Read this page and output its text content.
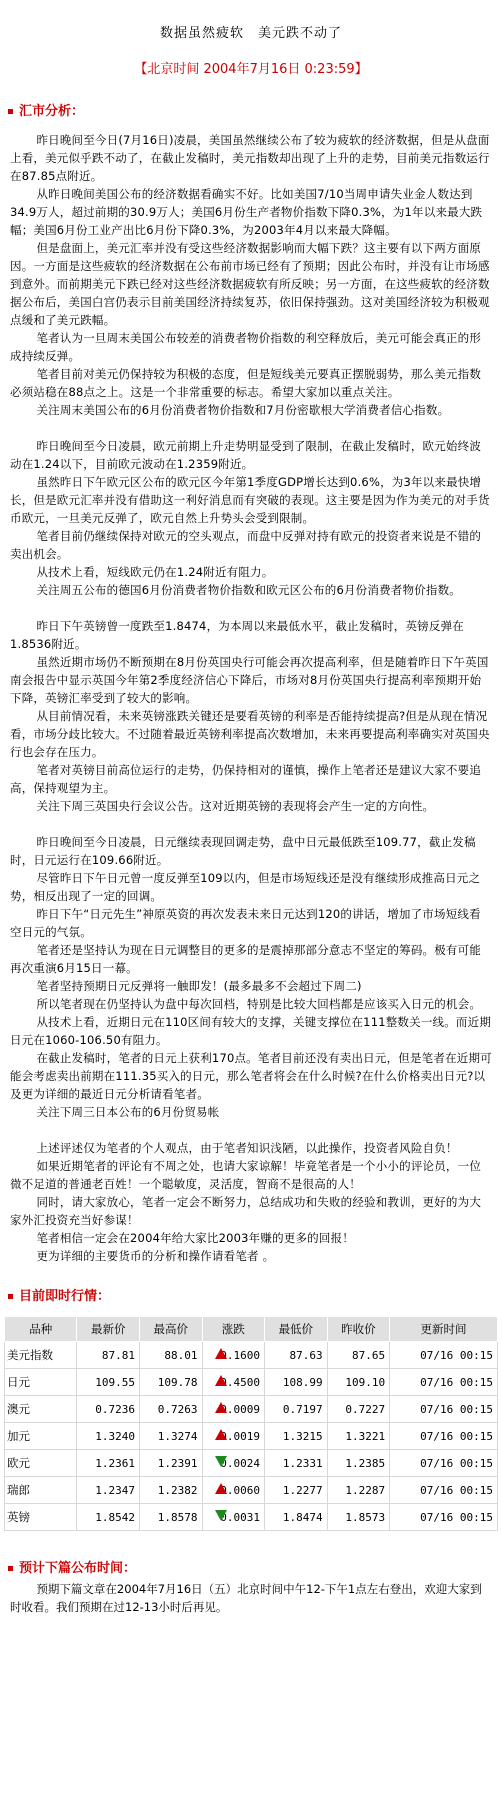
数据虽然疲软　美元跌不动了
【北京时间 2004年7月16日 0:23:59】
汇市分析：

昨日晚间至今日(7月16日)凌晨，美国虽然继续公布了较为疲软的经济数据，但是从盘面上看，美元似乎跌不动了，在截止发稿时，美元指数却出现了上升的走势，目前美元指数运行在87.85点附近。

从昨日晚间美国公布的经济数据看确实不好。比如美国7/10当周申请失业金人数达到34.9万人，超过前期的30.9万人；美国6月份生产者物价指数下降0.3%，为1年以来最大跌幅；美国6月份工业产出比6月份下降0.3%，为2003年4月以来最大降幅。

但是盘面上，美元汇率并没有受这些经济数据影响而大幅下跌？这主要有以下两方面原因。一方面是这些疲软的经济数据在公布前市场已经有了预期；因此公布时，并没有让市场感到意外。而前期美元下跌已经对这些经济数据疲软有所反映；另一方面，在这些疲软的经济数据公布后，美国白宫仍表示目前美国经济持续复苏，依旧保持强劲。这对美国经济较为积极观点缓和了美元跌幅。

笔者认为一旦周末美国公布较差的消费者物价指数的利空释放后，美元可能会真正的形成持续反弹。

笔者目前对美元仍保持较为积极的态度，但是短线美元要真正摆脱弱势，那么美元指数必须站稳在88点之上。这是一个非常重要的标志。希望大家加以重点关注。

关注周末美国公布的6月份消费者物价指数和7月份密歇根大学消费者信心指数。

昨日晚间至今日凌晨，欧元前期上升走势明显受到了限制，在截止发稿时，欧元始终波动在1.24以下，目前欧元波动在1.2359附近。

虽然昨日下午欧元区公布的欧元区今年第1季度GDP增长达到0.6%，为3年以来最快增长，但是欧元汇率并没有借助这一利好消息而有突破的表现。这主要是因为作为美元的对手货币欧元，一旦美元反弹了，欧元自然上升势头会受到限制。

笔者目前仍继续保持对欧元的空头观点，而盘中反弹对持有欧元的投资者来说是不错的卖出机会。

从技术上看，短线欧元仍在1.24附近有阻力。

关注周五公布的德国6月份消费者物价指数和欧元区公布的6月份消费者物价指数。

昨日下午英镑曾一度跌至1.8474，为本周以来最低水平，截止发稿时，英镑反弹在1.8536附近。

虽然近期市场仍不断预期在8月份英国央行可能会再次提高利率，但是随着昨日下午英国南会报告中显示英国今年第2季度经济信心下降后，市场对8月份英国央行提高利率预期开始下降，英镑汇率受到了较大的影响。

从目前情况看，未来英镑涨跌关键还是要看英镑的利率是否能持续提高?但是从现在情况看，市场分歧比较大。不过随着最近英镑利率提高次数增加，未来再要提高利率确实对英国央行也会存在压力。

笔者对英镑目前高位运行的走势，仍保持相对的谨慎，操作上笔者还是建议大家不要追高，保持观望为主。

关注下周三英国央行会议公告。这对近期英镑的表现将会产生一定的方向性。

昨日晚间至今日凌晨，日元继续表现回调走势，盘中日元最低跌至109.77，截止发稿时，日元运行在109.66附近。

尽管昨日下午日元曾一度反弹至109以内，但是市场短线还是没有继续形成推高日元之势，相反出现了一定的回调。

昨日下午“日元先生”神原英资的再次发表未来日元达到120的讲话，增加了市场短线看空日元的气氛。

笔者还是坚持认为现在日元调整目的更多的是震掉那部分意志不坚定的筹码。极有可能再次重演6月15日一幕。

笔者坚持预期日元反弹将一触即发！(最多最多不会超过下周二)

所以笔者现在仍坚持认为盘中每次回档，特别是比较大回档都是应该买入日元的机会。

从技术上看，近期日元在110区间有较大的支撑，关键支撑位在111整数关一线。而近期日元在1060-106.50有阻力。

在截止发稿时，笔者的日元上获利170点。笔者目前还没有卖出日元，但是笔者在近期可能会考虑卖出前期在111.35买入的日元，那么笔者将会在什么时候?在什么价格卖出日元?以及更为详细的最近日元分析请看笔者。

关注下周三日本公布的6月份贸易帐

上述评述仅为笔者的个人观点，由于笔者知识浅陋，以此操作，投资者风险自负！

如果近期笔者的评论有不周之处，也请大家谅解！毕竟笔者是一个小小的评论员，一位微不足道的普通老百姓！一个聪敏度，灵活度，智商不是很高的人！

同时，请大家放心，笔者一定会不断努力，总结成功和失败的经验和教训，更好的为大家外汇投资充当好参谋！

笔者相信一定会在2004年给大家比2003年赚的更多的回报！

更为详细的主要货币的分析和操作请看笔者 。

目前即时行情：
品种	最新价	最高价	涨跌	最低价	昨收价	更新时间
美元指数	87.81	88.01	0.1600	87.63	87.65	07/16 00:15
日元	109.55	109.78	0.4500	108.99	109.10	07/16 00:15
澳元	0.7236	0.7263	0.0009	0.7197	0.7227	07/16 00:15
加元	1.3240	1.3274	0.0019	1.3215	1.3221	07/16 00:15
欧元	1.2361	1.2391	0.0024	1.2331	1.2385	07/16 00:15
瑞郎	1.2347	1.2382	0.0060	1.2277	1.2287	07/16 00:15
英镑	1.8542	1.8578	0.0031	1.8474	1.8573	07/16 00:15
预计下篇公布时间：

预期下篇文章在2004年7月16日（五）北京时间中午12-下午1点左右登出，欢迎大家到时收看。我们预期在过12-13小时后再见。
